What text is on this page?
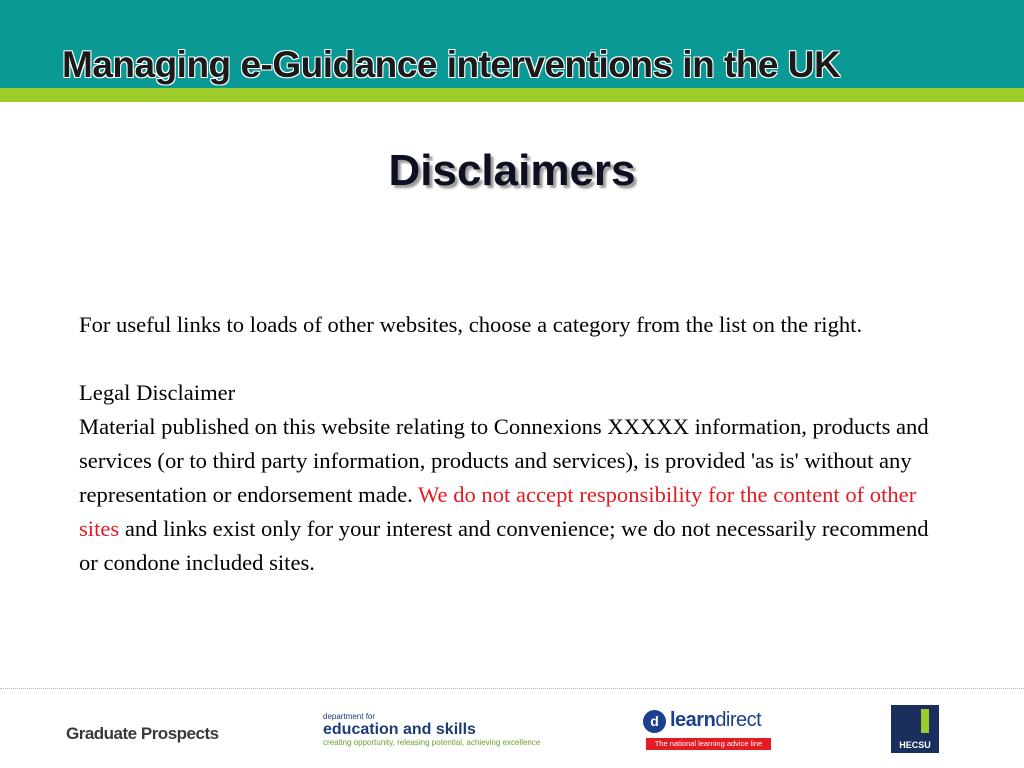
Managing e-Guidance interventions in the UK
Disclaimers

For useful links to loads of other websites, choose a category from the list on the right.

Legal Disclaimer

Material published on this website relating to Connexions XXXXX information, products and services (or to third party information, products and services), is provided 'as is' without any representation or endorsement made. We do not accept responsibility for the content of other sites and links exist only for your interest and convenience; we do not necessarily recommend or condone included sites.

Graduate Prospects
department for
education and skills
creating opportunity, releasing potential, achieving excellence
d learndirect
The national learning advice line	HECSU
